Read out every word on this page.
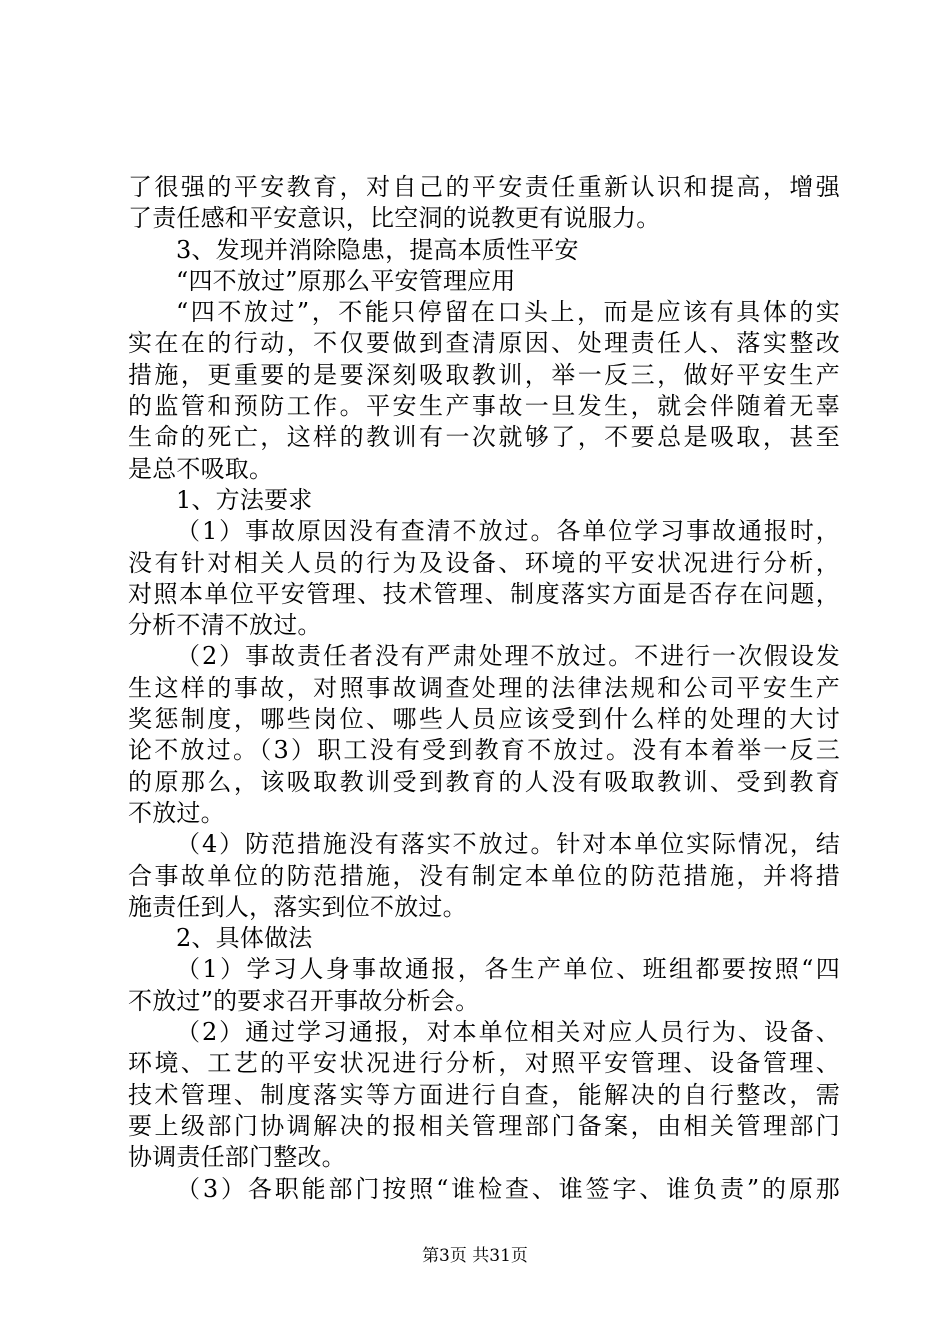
了很强的平安教育，对自己的平安责任重新认识和提高，增强
了责任感和平安意识，比空洞的说教更有说服力。
3、发现并消除隐患，提高本质性平安
“四不放过”原那么平安管理应用
“四不放过”，不能只停留在口头上，而是应该有具体的实
实在在的行动，不仅要做到查清原因、处理责任人、落实整改
措施，更重要的是要深刻吸取教训，举一反三，做好平安生产
的监管和预防工作。平安生产事故一旦发生，就会伴随着无辜
生命的死亡，这样的教训有一次就够了，不要总是吸取，甚至
是总不吸取。
1、方法要求
（1）事故原因没有查清不放过。各单位学习事故通报时，
没有针对相关人员的行为及设备、环境的平安状况进行分析，
对照本单位平安管理、技术管理、制度落实方面是否存在问题，
分析不清不放过。
（2）事故责任者没有严肃处理不放过。不进行一次假设发
生这样的事故，对照事故调查处理的法律法规和公司平安生产
奖惩制度，哪些岗位、哪些人员应该受到什么样的处理的大讨
论不放过。（3）职工没有受到教育不放过。没有本着举一反三
的原那么，该吸取教训受到教育的人没有吸取教训、受到教育
不放过。
（4）防范措施没有落实不放过。针对本单位实际情况，结
合事故单位的防范措施，没有制定本单位的防范措施，并将措
施责任到人，落实到位不放过。
2、具体做法
（1）学习人身事故通报，各生产单位、班组都要按照“四
不放过”的要求召开事故分析会。
（2）通过学习通报，对本单位相关对应人员行为、设备、
环境、工艺的平安状况进行分析，对照平安管理、设备管理、
技术管理、制度落实等方面进行自查，能解决的自行整改，需
要上级部门协调解决的报相关管理部门备案，由相关管理部门
协调责任部门整改。
（3）各职能部门按照“谁检查、谁签字、谁负责”的原那
第3页 共31页
